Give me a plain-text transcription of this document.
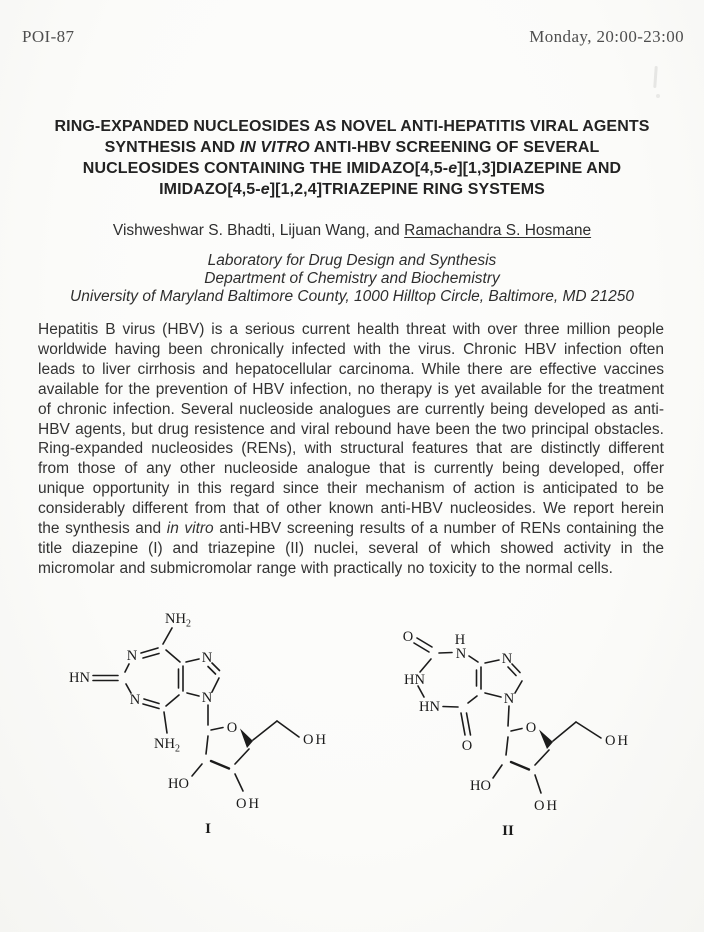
POI-87	Monday, 20:00-23:00
RING-EXPANDED NUCLEOSIDES AS NOVEL ANTI-HEPATITIS VIRAL AGENTS
SYNTHESIS AND IN VITRO ANTI-HBV SCREENING OF SEVERAL
NUCLEOSIDES CONTAINING THE IMIDAZO[4,5-e][1,3]DIAZEPINE AND
IMIDAZO[4,5-e][1,2,4]TRIAZEPINE RING SYSTEMS
Vishweshwar S. Bhadti, Lijuan Wang, and Ramachandra S. Hosmane
Laboratory for Drug Design and Synthesis
Department of Chemistry and Biochemistry
University of Maryland Baltimore County, 1000 Hilltop Circle, Baltimore, MD 21250
Hepatitis B virus (HBV) is a serious current health threat with over three million people worldwide having been chronically infected with the virus. Chronic HBV infection often leads to liver cirrhosis and hepatocellular carcinoma. While there are effective vaccines available for the prevention of HBV infection, no therapy is yet available for the treatment of chronic infection. Several nucleoside analogues are currently being developed as anti-HBV agents, but drug resistence and viral rebound have been the two principal obstacles. Ring-expanded nucleosides (RENs), with structural features that are distinctly different from those of any other nucleoside analogue that is currently being developed, offer unique opportunity in this regard since their mechanism of action is anticipated to be considerably different from that of other known anti-HBV nucleosides. We report herein the synthesis and in vitro anti-HBV screening results of a number of RENs containing the title diazepine (I) and triazepine (II) nuclei, several of which showed activity in the micromolar and submicromolar range with practically no toxicity to the normal cells.
$NH_2$
N
HN
N
$NH_2$
N
N
O
OH
HO
OH
I
O	H
N
HN
HN
O
N
N
O
OH
HO
OH
II
